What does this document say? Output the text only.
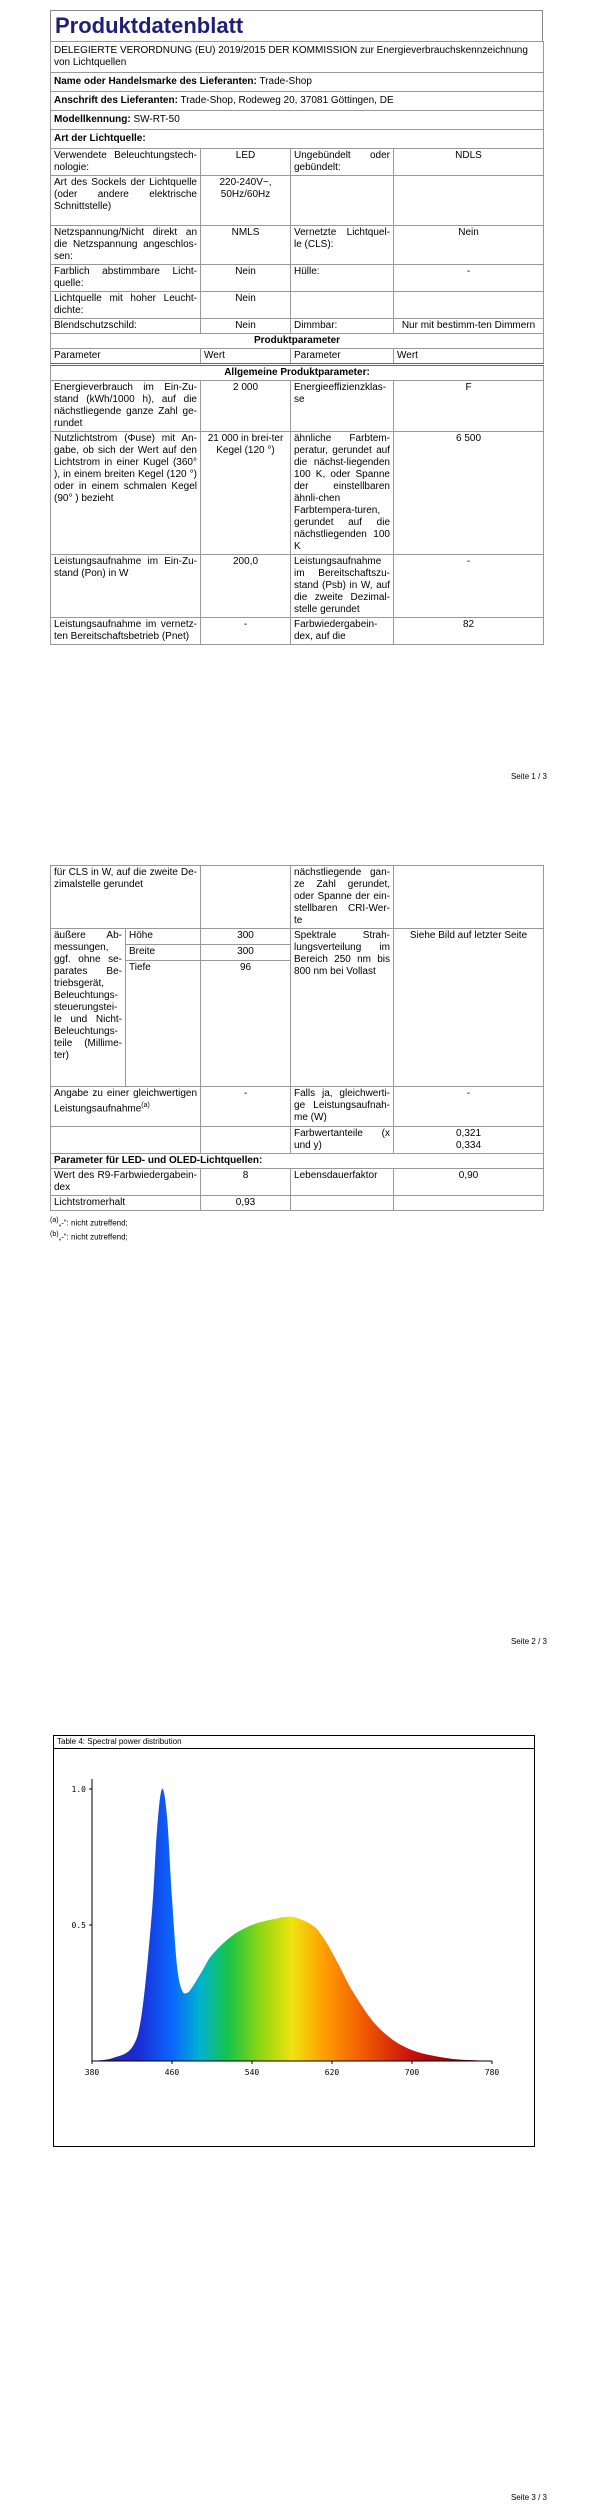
Produktdatenblatt
DELEGIERTE VERORDNUNG (EU) 2019/2015 DER KOMMISSION zur Energieverbrauchskennzeichnung von Lichtquellen			
Name oder Handelsmarke des Lieferanten: Trade-Shop			
Anschrift des Lieferanten: Trade-Shop, Rodeweg 20, 37081 Göttingen, DE			
Modellkennung: SW-RT-50			
Art der Lichtquelle:			
Verwendete Beleuchtungstech-nologie:	LED	Ungebündelt oder gebündelt:	NDLS
Art des Sockels der Lichtquelle (oder andere elektrische Schnittstelle)	220-240V~, 50Hz/60Hz		
Netzspannung/Nicht direkt an die Netzspannung angeschlos-sen:	NMLS	Vernetzte Lichtquel-le (CLS):	Nein
Farblich abstimmbare Licht-quelle:	Nein	Hülle:	-
Lichtquelle mit hoher Leucht-dichte:	Nein		
Blendschutzschild:	Nein	Dimmbar:	Nur mit bestimm-ten Dimmern
Produktparameter			
Parameter	Wert	Parameter	Wert
Allgemeine Produktparameter:			
Energieverbrauch im Ein-Zu-stand (kWh/1000 h), auf die nächstliegende ganze Zahl ge-rundet	2 000	Energieeffizienzklas-se	F
Nutzlichtstrom (Φuse) mit An-gabe, ob sich der Wert auf den Lichtstrom in einer Kugel (360° ), in einem breiten Kegel (120 °) oder in einem schmalen Kegel (90° ) bezieht	21 000 in brei-ter Kegel (120 °)	ähnliche Farbtem-peratur, gerundet auf die nächst-liegenden 100 K, oder Spanne der einstellbaren ähnli-chen Farbtempera-turen, gerundet auf die nächstliegenden 100 K	6 500
Leistungsaufnahme im Ein-Zu-stand (Pon) in W	200,0	Leistungsaufnahme im Bereitschaftszu-stand (Psb) in W, auf die zweite Dezimal-stelle gerundet	-
Leistungsaufnahme im vernetz-ten Bereitschaftsbetrieb (Pnet)	-	Farbwiedergabein-dex, auf die	82
Seite 1 / 3
für CLS in W, auf die zweite De-zimalstelle gerundet			nächstliegende gan-ze Zahl gerundet, oder Spanne der ein-stellbaren CRI-Wer-te	
äußere Ab-messungen, ggf. ohne se-parates Be-triebsgerät, Beleuchtungs-steuerungstei-le und Nicht-Beleuchtungs-teile (Millime-ter)	Höhe	300	Spektrale Strah-lungsverteilung im Bereich 250 nm bis 800 nm bei Vollast	Siehe Bild auf letzter Seite
	Breite	300		
	Tiefe	96		

Angabe zu einer gleichwertigen Leistungsaufnahme$^{(a)}$		-	Falls ja, gleichwerti-ge Leistungsaufnah-me (W)	-
			Farbwertanteile (x und y)	0,321
0,334

Parameter für LED- und OLED-Lichtquellen:				
Wert des R9-Farbwiedergabein-dex		8	Lebensdauerfaktor	0,90
Lichtstromerhalt		0,93		
(a)„-“: nicht zutreffend;
(b)„-“: nicht zutreffend;
Seite 2 / 3
Table 4: Spectral power distribution
380	460	540	620	700	780
1.0
0.5
Seite 3 / 3
